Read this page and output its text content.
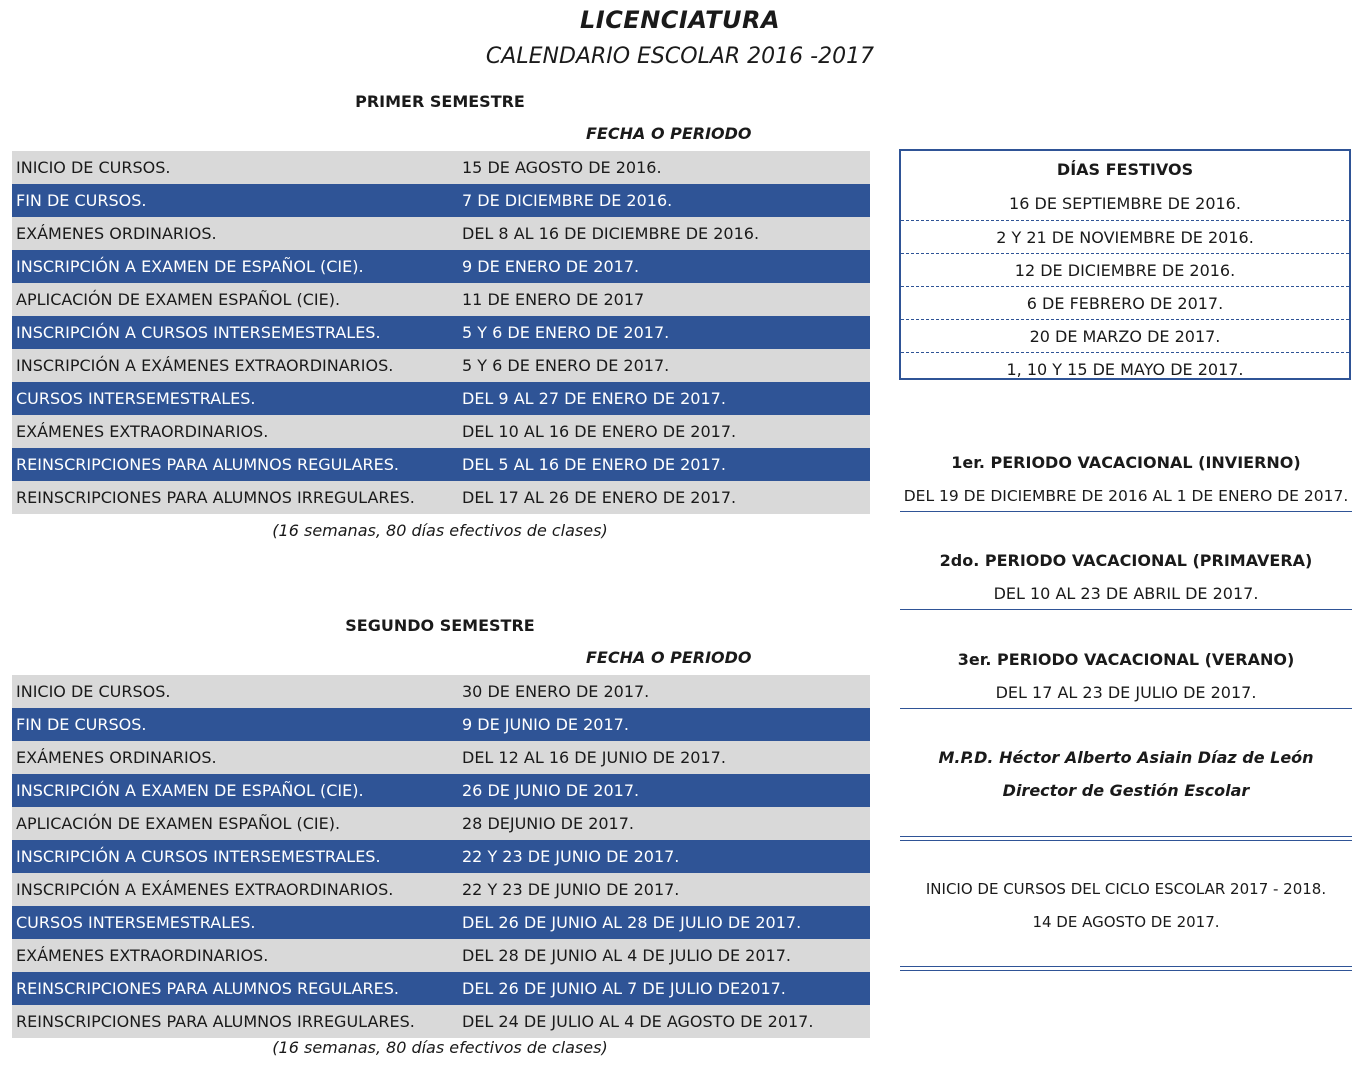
LICENCIATURA
CALENDARIO ESCOLAR 2016 -2017
PRIMER SEMESTRE
FECHA O PERIODO
INICIO DE CURSOS.	15 DE AGOSTO DE 2016.
FIN DE CURSOS.	7 DE DICIEMBRE DE 2016.
EXÁMENES ORDINARIOS.	DEL 8 AL 16 DE DICIEMBRE DE 2016.
INSCRIPCIÓN A EXAMEN DE ESPAÑOL (CIE).	9 DE ENERO DE 2017.
APLICACIÓN DE EXAMEN ESPAÑOL (CIE).	11 DE ENERO DE 2017
INSCRIPCIÓN A CURSOS INTERSEMESTRALES.	5 Y 6 DE ENERO DE 2017.
INSCRIPCIÓN A EXÁMENES EXTRAORDINARIOS.	5 Y 6 DE ENERO DE 2017.
CURSOS INTERSEMESTRALES.	DEL 9 AL 27 DE ENERO DE 2017.
EXÁMENES EXTRAORDINARIOS.	DEL 10 AL 16 DE ENERO DE 2017.
REINSCRIPCIONES PARA ALUMNOS REGULARES.	DEL 5 AL 16 DE ENERO DE 2017.
REINSCRIPCIONES PARA ALUMNOS IRREGULARES.	DEL 17 AL 26 DE ENERO DE 2017.
(16 semanas, 80 días efectivos de clases)
SEGUNDO SEMESTRE
FECHA O PERIODO
INICIO DE CURSOS.	30 DE ENERO DE 2017.
FIN DE CURSOS.	9 DE JUNIO DE 2017.
EXÁMENES ORDINARIOS.	DEL 12 AL 16 DE JUNIO DE 2017.
INSCRIPCIÓN A EXAMEN DE ESPAÑOL (CIE).	26 DE JUNIO DE 2017.
APLICACIÓN DE EXAMEN ESPAÑOL (CIE).	28 DEJUNIO DE 2017.
INSCRIPCIÓN A CURSOS INTERSEMESTRALES.	22 Y 23 DE JUNIO DE 2017.
INSCRIPCIÓN A EXÁMENES EXTRAORDINARIOS.	22 Y 23 DE JUNIO DE 2017.
CURSOS INTERSEMESTRALES.	DEL 26 DE JUNIO AL 28 DE JULIO DE 2017.
EXÁMENES EXTRAORDINARIOS.	DEL 28 DE JUNIO AL 4 DE JULIO DE 2017.
REINSCRIPCIONES PARA ALUMNOS REGULARES.	DEL 26 DE JUNIO AL 7 DE JULIO DE2017.
REINSCRIPCIONES PARA ALUMNOS IRREGULARES.	DEL 24 DE JULIO AL 4 DE AGOSTO DE 2017.
(16 semanas, 80 días efectivos de clases)
DÍAS FESTIVOS
16 DE SEPTIEMBRE DE 2016.
2 Y 21 DE NOVIEMBRE DE 2016.
12 DE DICIEMBRE DE 2016.
6 DE FEBRERO DE 2017.
20 DE MARZO DE 2017.
1, 10 Y 15 DE MAYO DE 2017.
1er. PERIODO VACACIONAL (INVIERNO)
DEL 19 DE DICIEMBRE DE 2016 AL 1 DE ENERO DE 2017.
2do. PERIODO VACACIONAL (PRIMAVERA)
DEL 10 AL 23 DE ABRIL DE 2017.
3er. PERIODO VACACIONAL (VERANO)
DEL 17 AL 23 DE JULIO DE 2017.
M.P.D. Héctor Alberto Asiain Díaz de León
Director de Gestión Escolar
INICIO DE CURSOS DEL CICLO ESCOLAR 2017 - 2018.
14 DE AGOSTO DE 2017.
